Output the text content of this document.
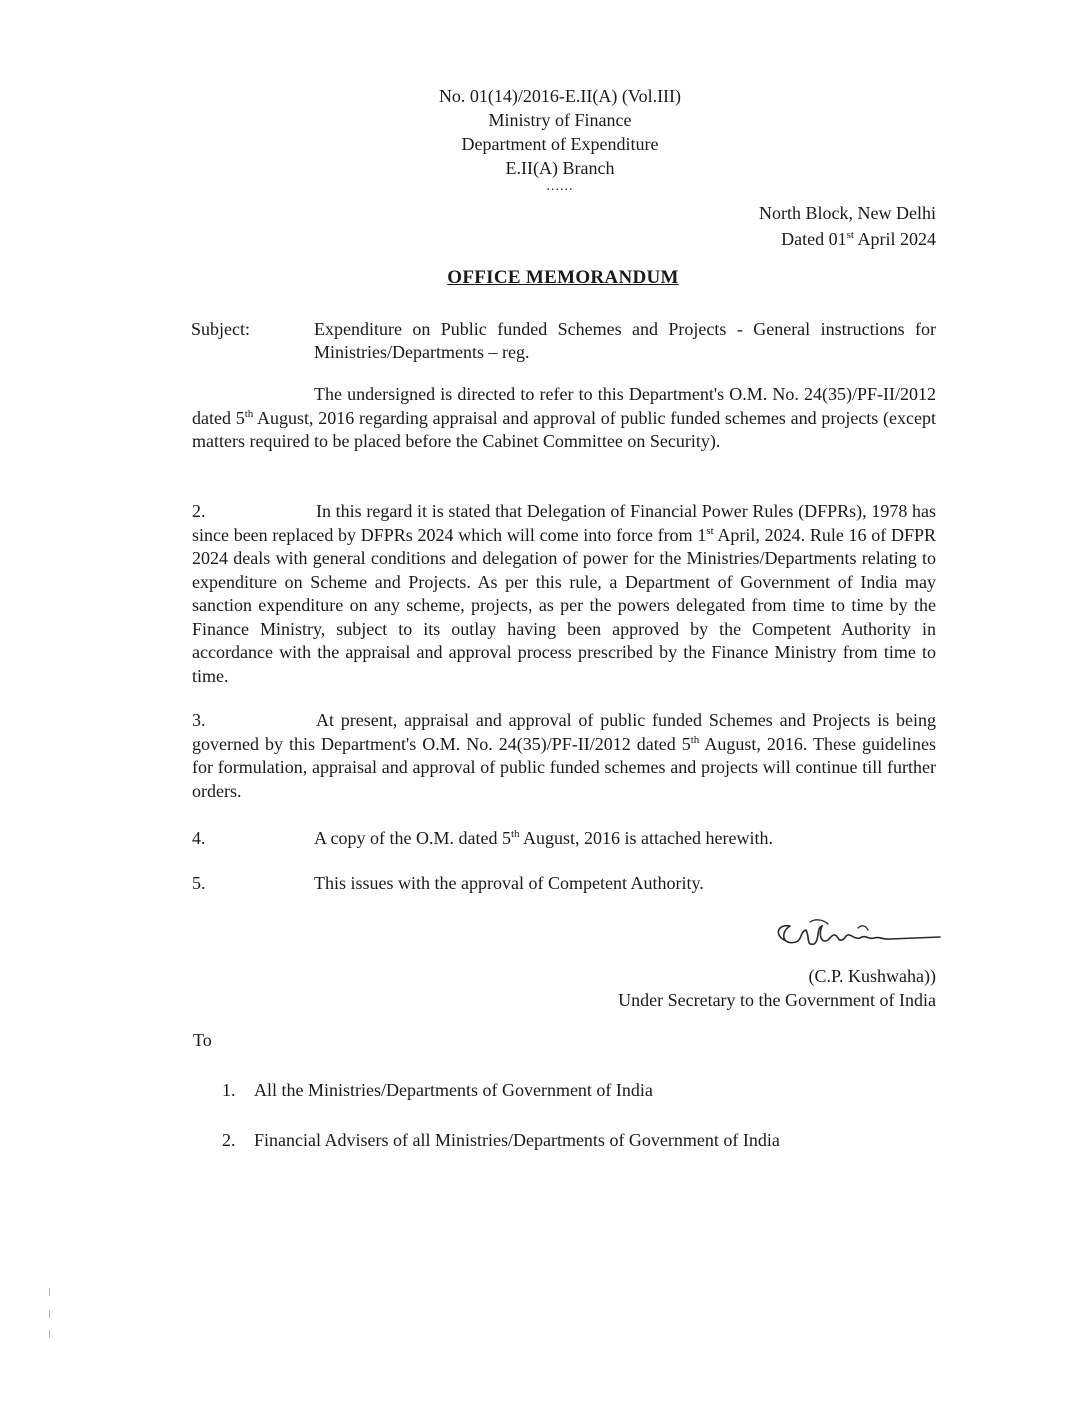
No. 01(14)/2016-E.II(A) (Vol.III)
Ministry of Finance
Department of Expenditure
E.II(A) Branch
......
North Block, New Delhi
Dated 01st April 2024
OFFICE MEMORANDUM
Subject:	Expenditure on Public funded Schemes and Projects - General instructions for Ministries/Departments – reg.
The undersigned is directed to refer to this Department's O.M. No. 24(35)/PF-II/2012 dated 5th August, 2016 regarding appraisal and approval of public funded schemes and projects (except matters required to be placed before the Cabinet Committee on Security).
2.	In this regard it is stated that Delegation of Financial Power Rules (DFPRs), 1978 has since been replaced by DFPRs 2024 which will come into force from 1st April, 2024. Rule 16 of DFPR 2024 deals with general conditions and delegation of power for the Ministries/Departments relating to expenditure on Scheme and Projects. As per this rule, a Department of Government of India may sanction expenditure on any scheme, projects, as per the powers delegated from time to time by the Finance Ministry, subject to its outlay having been approved by the Competent Authority in accordance with the appraisal and approval process prescribed by the Finance Ministry from time to time.
3.	At present, appraisal and approval of public funded Schemes and Projects is being governed by this Department's O.M. No. 24(35)/PF-II/2012 dated 5th August, 2016. These guidelines for formulation, appraisal and approval of public funded schemes and projects will continue till further orders.
4.	A copy of the O.M. dated 5th August, 2016 is attached herewith.
5.	This issues with the approval of Competent Authority.
(C.P. Kushwaha))
Under Secretary to the Government of India
To
1. All the Ministries/Departments of Government of India
2. Financial Advisers of all Ministries/Departments of Government of India
